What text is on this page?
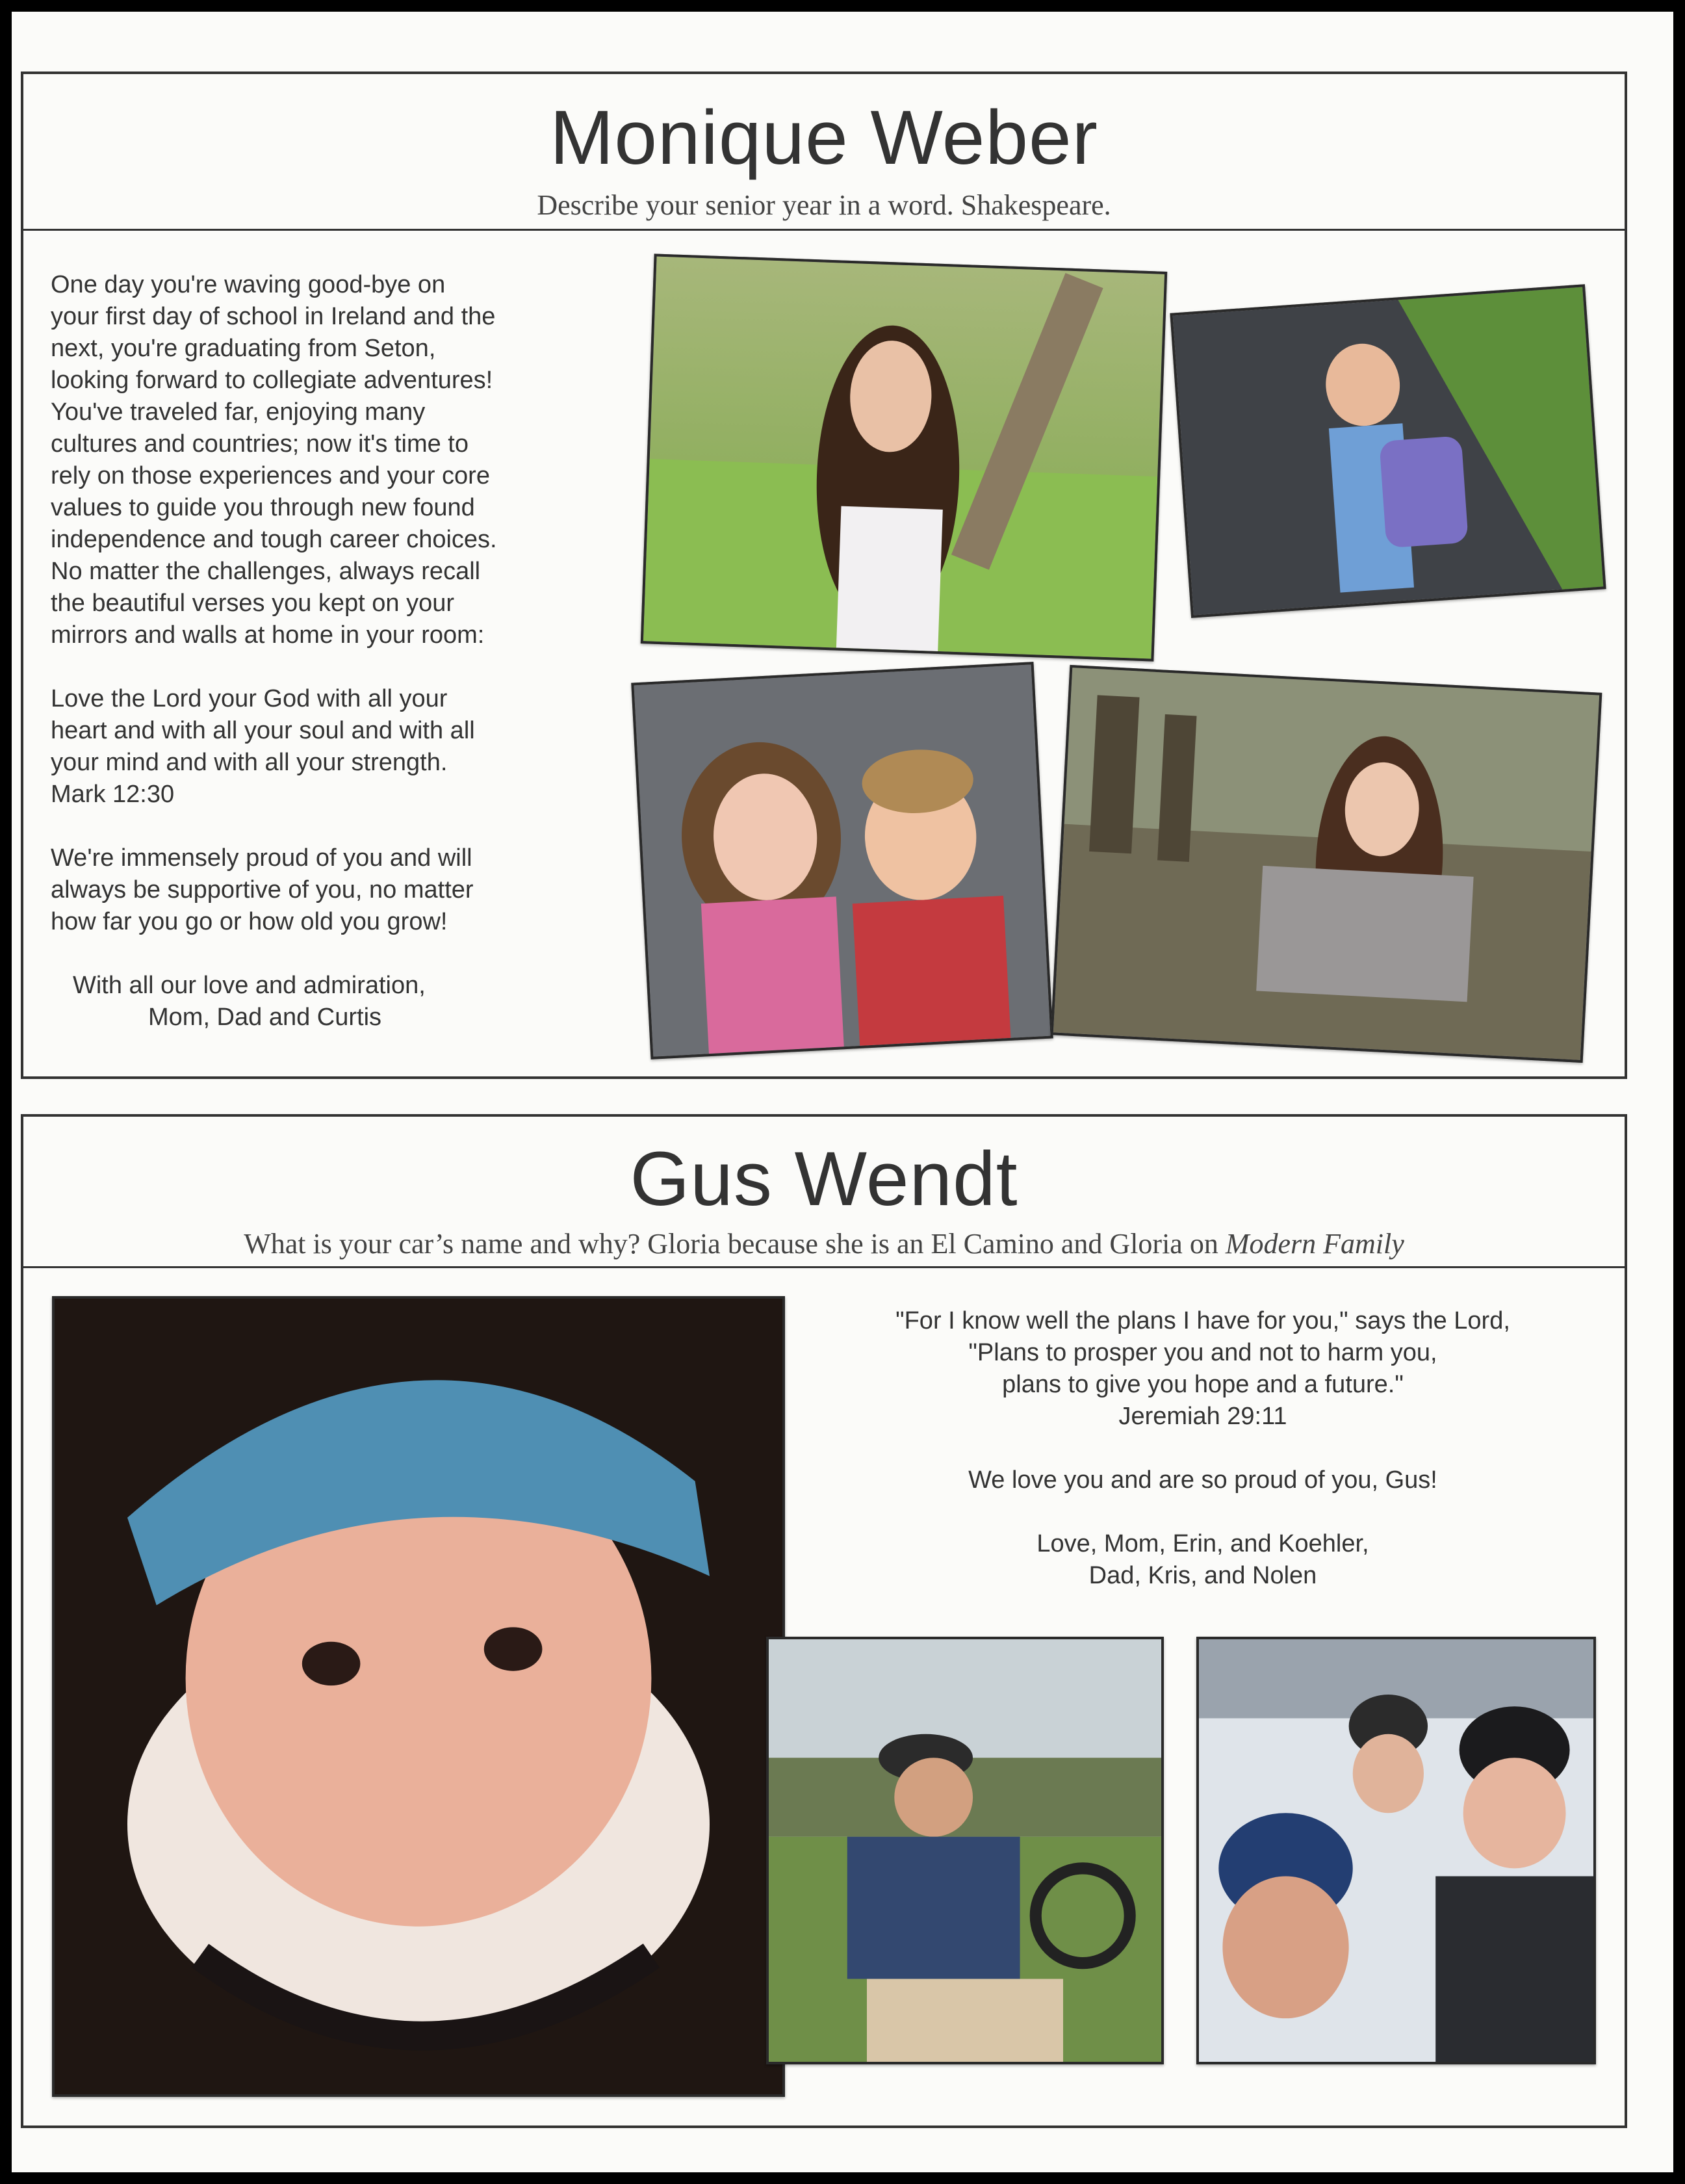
Monique Weber
Describe your senior year in a word. Shakespeare.

One day you're waving good-bye on
your first day of school in Ireland and the
next, you're graduating from Seton,
looking forward to collegiate adventures!
You've traveled far, enjoying many
cultures and countries; now it's time to
rely on those experiences and your core
values to guide you through new found
independence and tough career choices.
No matter the challenges, always recall
the beautiful verses you kept on your
mirrors and walls at home in your room:

Love the Lord your God with all your
heart and with all your soul and with all
your mind and with all your strength.
Mark 12:30

We're immensely proud of you and will
always be supportive of you, no matter
how far you go or how old you grow!

With all our love and admiration,

Mom, Dad and Curtis

Gus Wendt
What is your car’s name and why? Gloria because she is an El Camino and Gloria on Modern Family

"For I know well the plans I have for you," says the Lord,
"Plans to prosper you and not to harm you,
plans to give you hope and a future."
Jeremiah 29:11

We love you and are so proud of you, Gus!

Love, Mom, Erin, and Koehler,

Dad, Kris, and Nolen
